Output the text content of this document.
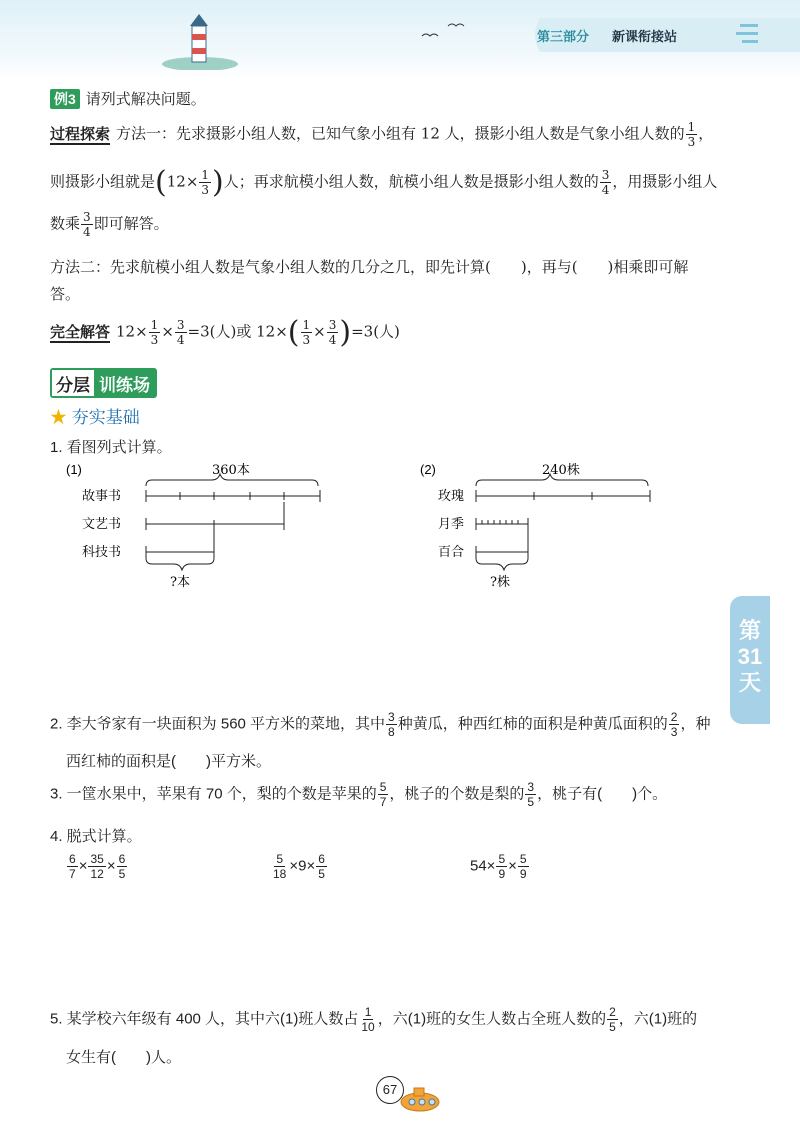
第三部分 新课衔接站
例3 请列式解决问题。
过程探索 方法一：先求摄影小组人数，已知气象小组有 12 人，摄影小组人数是气象小组人数的 $\frac{1}{3}$ ，
则摄影小组就是($12\times \frac{1}{3}$ )人；再求航模小组人数，航模小组人数是摄影小组人数的 $\frac{3}{4}$ ，用摄影小组人
数乘 $\frac{3}{4}$ 即可解答。
方法二：先求航模小组人数是气象小组人数的几分之几，即先计算(　　)，再与(　　)相乘即可解
答。
完全解答 $12\times \frac{1}{3} \times \frac{3}{4} =3$(人)或 $12\times( \frac{1}{3} \times \frac{3}{4} )=3$(人)
分层 训练场
★ 夯实基础
1. 看图列式计算。
(1)	360本
故事书
文艺书
科技书
?本
(2)	240株
玫瑰
月季
百合
?株
第
31
天
2. 李大爷家有一块面积为 560 平方米的菜地，其中 $\frac{3}{8}$ 种黄瓜，种西红柿的面积是种黄瓜面积的 $\frac{2}{3}$ ，种
西红柿的面积是(　　)平方米。
3. 一筐水果中，苹果有 70 个，梨的个数是苹果的 $\frac{5}{7}$ ，桃子的个数是梨的 $\frac{3}{5}$ ，桃子有(　　)个。
4. 脱式计算。
$\frac{6}{7} \times \frac{35}{12} \times \frac{6}{5}$	$\frac{5}{18} \times 9\times \frac{6}{5}$	$54\times \frac{5}{9} \times \frac{5}{9}$
5. 某学校六年级有 400 人，其中六(1)班人数占 $\frac{1}{10}$ ，六(1)班的女生人数占全班人数的 $\frac{2}{5}$ ，六(1)班的
女生有(　　)人。
67
